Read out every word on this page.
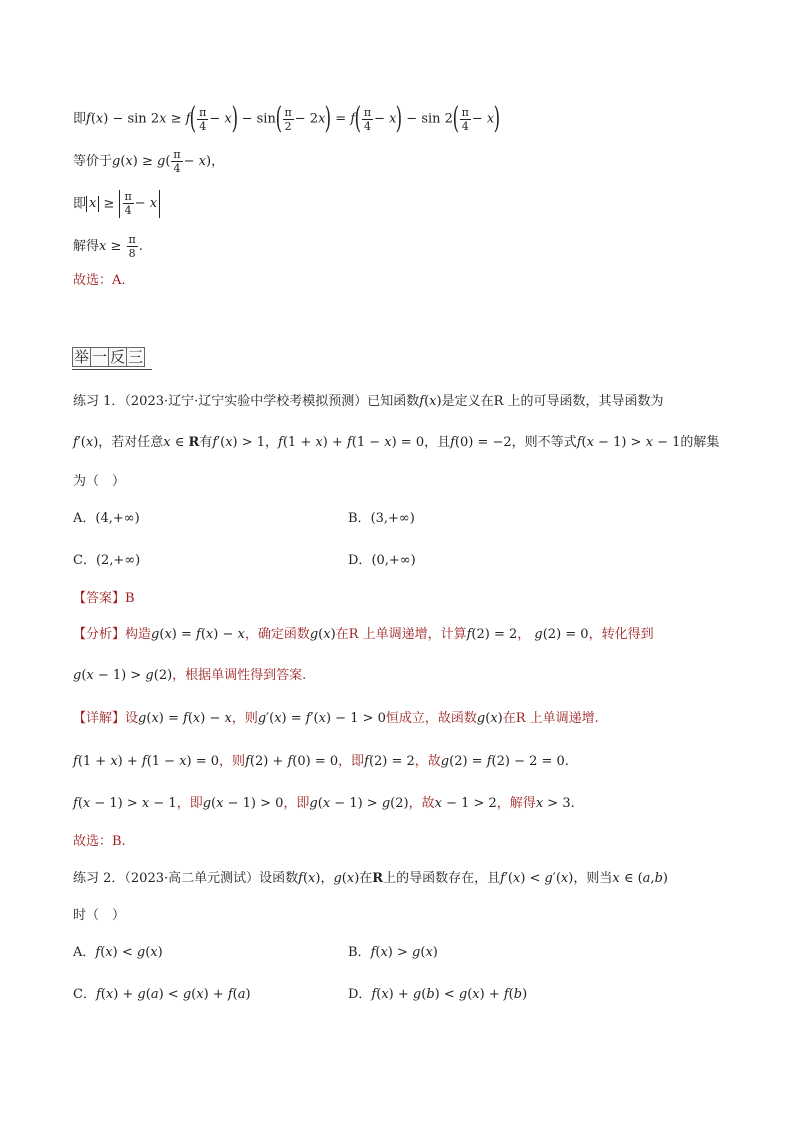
即$f(x) - \sin 2x \ge f( \frac{\pi}{4} - x) - \sin( \frac{\pi}{2} - 2x) = f( \frac{\pi}{4} - x) - \sin 2( \frac{\pi}{4} - x)$
等价于$g(x) \ge g( \frac{\pi}{4} - x)$，
即 $x \ge \frac{\pi}{4} - x$
解得$x \ge \frac{\pi}{8}$ .
故选：A.
举 一 反 三
练习 1．（2023·辽宁·辽宁实验中学校考模拟预测）已知函数f(x)是定义在R 上的可导函数，其导函数为
f′(x)，若对任意x ∈ R有f′(x) > 1，f(1 + x) + f(1 − x) = 0，且f(0) = −2，则不等式f(x − 1) > x − 1的解集
为（　）
A．(4,+∞)	B．(3,+∞)
C．(2,+∞)	D．(0,+∞)
【答案】B
【分析】构造g(x) = f(x) − x，确定函数g(x)在R 上单调递增，计算f(2) = 2， g(2) = 0，转化得到
g(x − 1) > g(2)，根据单调性得到答案.
【详解】设g(x) = f(x) − x，则g′(x) = f′(x) − 1 > 0恒成立，故函数g(x)在R 上单调递增.
f(1 + x) + f(1 − x) = 0，则f(2) + f(0) = 0，即f(2) = 2，故g(2) = f(2) − 2 = 0.
f(x − 1) > x − 1，即g(x − 1) > 0，即g(x − 1) > g(2)，故x − 1 > 2，解得x > 3.
故选：B.
练习 2．（2023·高二单元测试）设函数f(x)，g(x)在R上的导函数存在，且f′(x) < g′(x)，则当x ∈ (a,b)
时（　）
A．f(x) < g(x)	B．f(x) > g(x)
C．f(x) + g(a) < g(x) + f(a)	D．f(x) + g(b) < g(x) + f(b)
